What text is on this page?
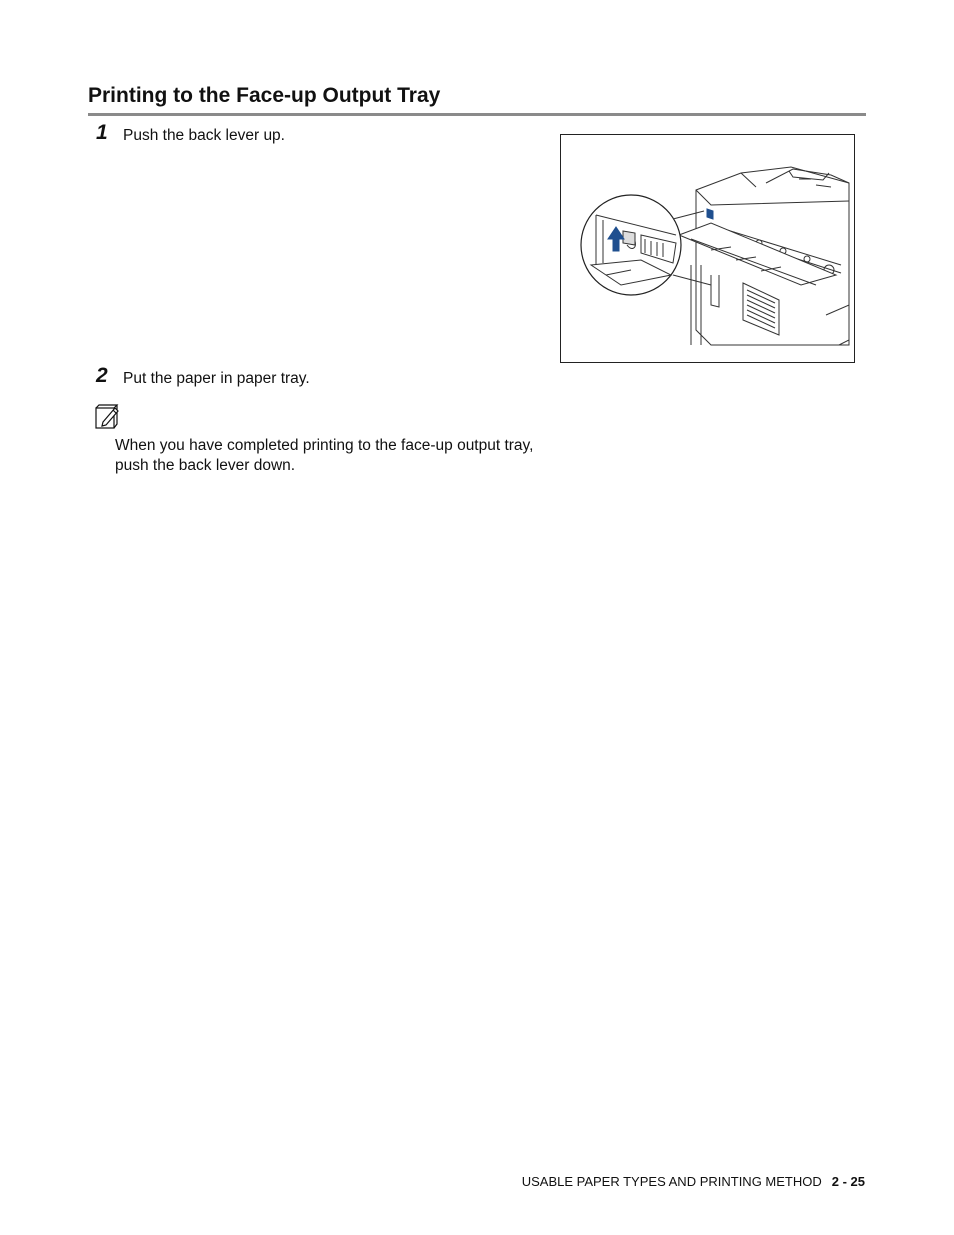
Printing to the Face-up Output Tray
1 Push the back lever up.
2 Put the paper in paper tray.
When you have completed printing to the face-up output tray, push the back lever down.
USABLE PAPER TYPES AND PRINTING METHOD 2 - 25
